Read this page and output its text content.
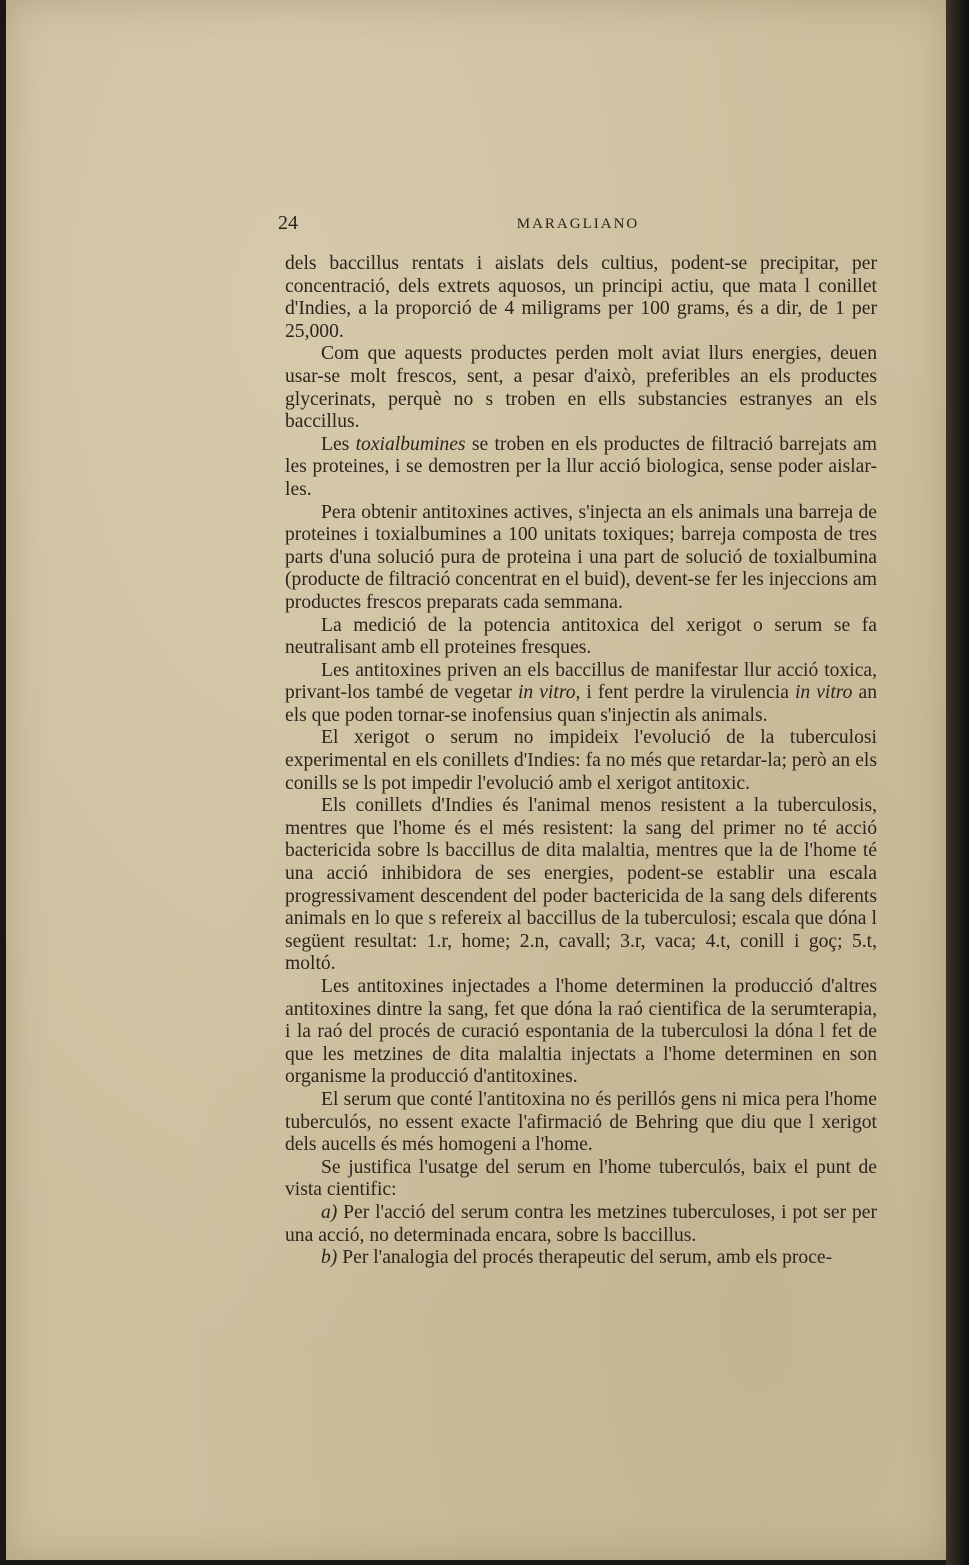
24	MARAGLIANO

dels baccillus rentats i aislats dels cultius, podent-se precipitar, per concentració, dels extrets aquosos, un principi actiu, que mata l conillet d'Indies, a la proporció de 4 miligrams per 100 grams, és a dir, de 1 per 25,000.

Com que aquests productes perden molt aviat llurs energies, deuen usar-se molt frescos, sent, a pesar d'això, preferibles an els productes glycerinats, perquè no s troben en ells substancies estranyes an els baccillus.

Les toxialbumines se troben en els productes de filtració barrejats am les proteines, i se demostren per la llur acció biologica, sense poder aislar-les.

Pera obtenir antitoxines actives, s'injecta an els animals una barreja de proteines i toxialbumines a 100 unitats toxiques; barreja composta de tres parts d'una solució pura de proteina i una part de solució de toxialbumina (producte de filtració concentrat en el buid), devent-se fer les injeccions am productes frescos preparats cada semmana.

La medició de la potencia antitoxica del xerigot o serum se fa neutralisant amb ell proteines fresques.

Les antitoxines priven an els baccillus de manifestar llur acció toxica, privant-los també de vegetar in vitro, i fent perdre la virulencia in vitro an els que poden tornar-se inofensius quan s'injectin als animals.

El xerigot o serum no impideix l'evolució de la tuberculosi experimental en els conillets d'Indies: fa no més que retardar-la; però an els conills se ls pot impedir l'evolució amb el xerigot antitoxic.

Els conillets d'Indies és l'animal menos resistent a la tuberculosis, mentres que l'home és el més resistent: la sang del primer no té acció bactericida sobre ls baccillus de dita malaltia, mentres que la de l'home té una acció inhibidora de ses energies, podent-se establir una escala progressivament descendent del poder bactericida de la sang dels diferents animals en lo que s refereix al baccillus de la tuberculosi; escala que dóna l següent resultat: 1.r, home; 2.n, cavall; 3.r, vaca; 4.t, conill i goç; 5.t, moltó.

Les antitoxines injectades a l'home determinen la producció d'altres antitoxines dintre la sang, fet que dóna la raó cientifica de la serumterapia, i la raó del procés de curació espontania de la tuberculosi la dóna l fet de que les metzines de dita malaltia injectats a l'home determinen en son organisme la producció d'antitoxines.

El serum que conté l'antitoxina no és perillós gens ni mica pera l'home tuberculós, no essent exacte l'afirmació de Behring que diu que l xerigot dels aucells és més homogeni a l'home.

Se justifica l'usatge del serum en l'home tuberculós, baix el punt de vista cientific:

a) Per l'acció del serum contra les metzines tuberculoses, i pot ser per una acció, no determinada encara, sobre ls baccillus.

b) Per l'analogia del procés therapeutic del serum, amb els proce-
